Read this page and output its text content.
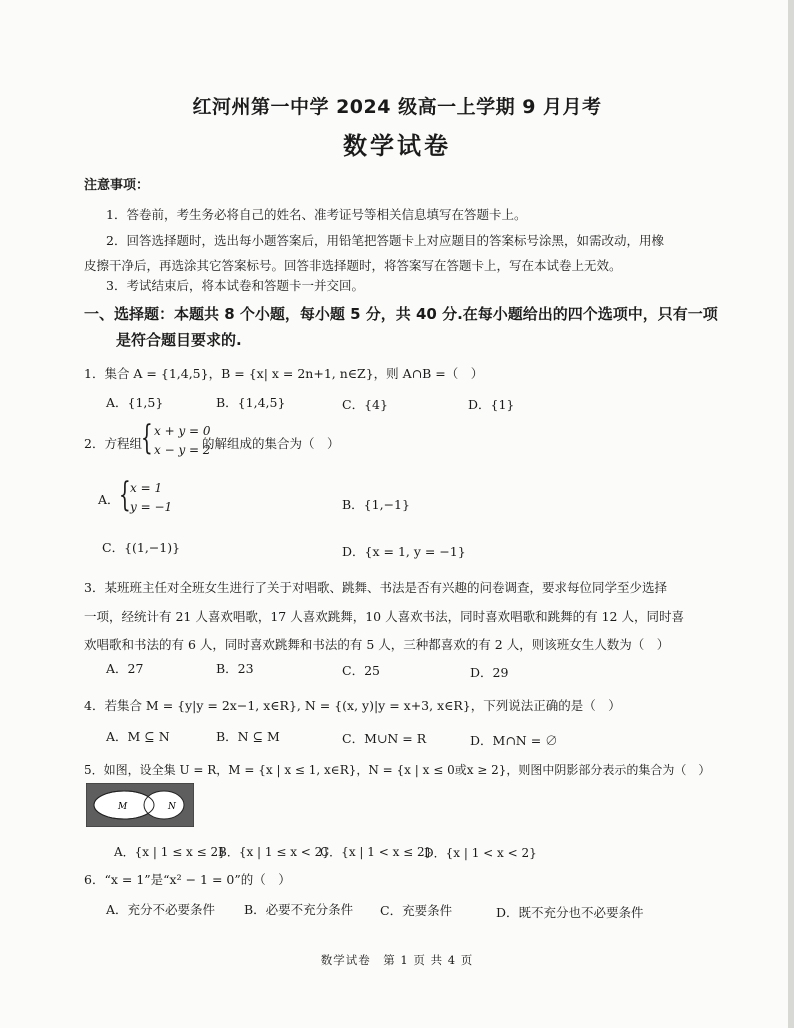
红河州第一中学 2024 级高一上学期 9 月月考
数学试卷
注意事项：
1．答卷前，考生务必将自己的姓名、准考证号等相关信息填写在答题卡上。
2．回答选择题时，选出每小题答案后，用铅笔把答题卡上对应题目的答案标号涂黑，如需改动，用橡
皮擦干净后，再选涂其它答案标号。回答非选择题时，将答案写在答题卡上，写在本试卷上无效。
3．考试结束后，将本试卷和答题卡一并交回。
一、选择题：本题共 8 个小题，每小题 5 分，共 40 分.在每小题给出的四个选项中，只有一项
是符合题目要求的.
1．集合 A = {1,4,5}，B = {x| x = 2n+1, n∈Z}，则 A∩B =（　）
A．{1,5}	B．{1,4,5}	C．{4}	D．{1}
2．方程组
{ x + y = 0
x − y = 2
的解组成的集合为（　）
A． { x = 1
y = −1	B．{1,−1}
C．{(1,−1)}	D．{x = 1, y = −1}
3．某班班主任对全班女生进行了关于对唱歌、跳舞、书法是否有兴趣的问卷调查，要求每位同学至少选择
一项，经统计有 21 人喜欢唱歌，17 人喜欢跳舞，10 人喜欢书法，同时喜欢唱歌和跳舞的有 12 人，同时喜
欢唱歌和书法的有 6 人，同时喜欢跳舞和书法的有 5 人，三种都喜欢的有 2 人，则该班女生人数为（　）
A．27	B．23	C．25	D．29
4．若集合 M = {y|y = 2x−1, x∈R}, N = {(x, y)|y = x+3, x∈R}，下列说法正确的是（　）
A．M ⊆ N	B．N ⊆ M	C．M∪N = R	D．M∩N = ∅
5．如图，设全集 U = R，M = {x | x ≤ 1, x∈R}，N = {x | x ≤ 0或x ≥ 2}，则图中阴影部分表示的集合为（　）
M	N
A．{x | 1 ≤ x ≤ 2}
B．{x | 1 ≤ x < 2}
C．{x | 1 < x ≤ 2}
D．{x | 1 < x < 2}
6．“x = 1”是“x² − 1 = 0”的（　）
A．充分不必要条件 B．必要不充分条件 C．充要条件	D．既不充分也不必要条件
数学试卷　第 1 页 共 4 页
